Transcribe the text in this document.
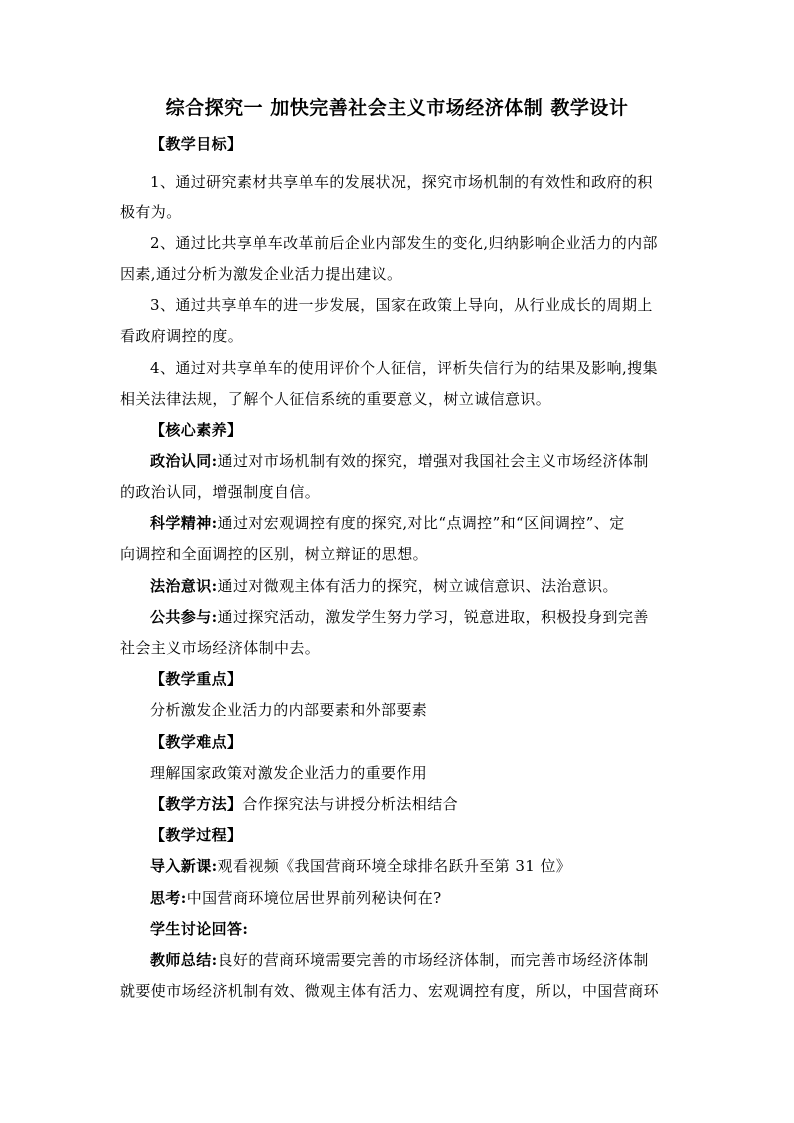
综合探究一 加快完善社会主义市场经济体制 教学设计
【教学目标】
1、通过研究素材共享单车的发展状况，探究市场机制的有效性和政府的积
极有为。
2、通过比共享单车改革前后企业内部发生的变化,归纳影响企业活力的内部
因素,通过分析为激发企业活力提出建议。
3、通过共享单车的进一步发展，国家在政策上导向，从行业成长的周期上
看政府调控的度。
4、通过对共享单车的使用评价个人征信，评析失信行为的结果及影响,搜集
相关法律法规，了解个人征信系统的重要意义，树立诚信意识。
【核心素养】
政治认同:通过对市场机制有效的探究，增强对我国社会主义市场经济体制
的政治认同，增强制度自信。
科学精神:通过对宏观调控有度的探究,对比“点调控”和“区间调控”、定
向调控和全面调控的区别，树立辩证的思想。
法治意识:通过对微观主体有活力的探究，树立诚信意识、法治意识。
公共参与:通过探究活动，激发学生努力学习，锐意进取，积极投身到完善
社会主义市场经济体制中去。
【教学重点】
分析激发企业活力的内部要素和外部要素
【教学难点】
理解国家政策对激发企业活力的重要作用
【教学方法】合作探究法与讲授分析法相结合
【教学过程】
导入新课:观看视频《我国营商环境全球排名跃升至第 31 位》
思考:中国营商环境位居世界前列秘诀何在?
学生讨论回答:
教师总结:良好的营商环境需要完善的市场经济体制，而完善市场经济体制
就要使市场经济机制有效、微观主体有活力、宏观调控有度，所以，中国营商环
